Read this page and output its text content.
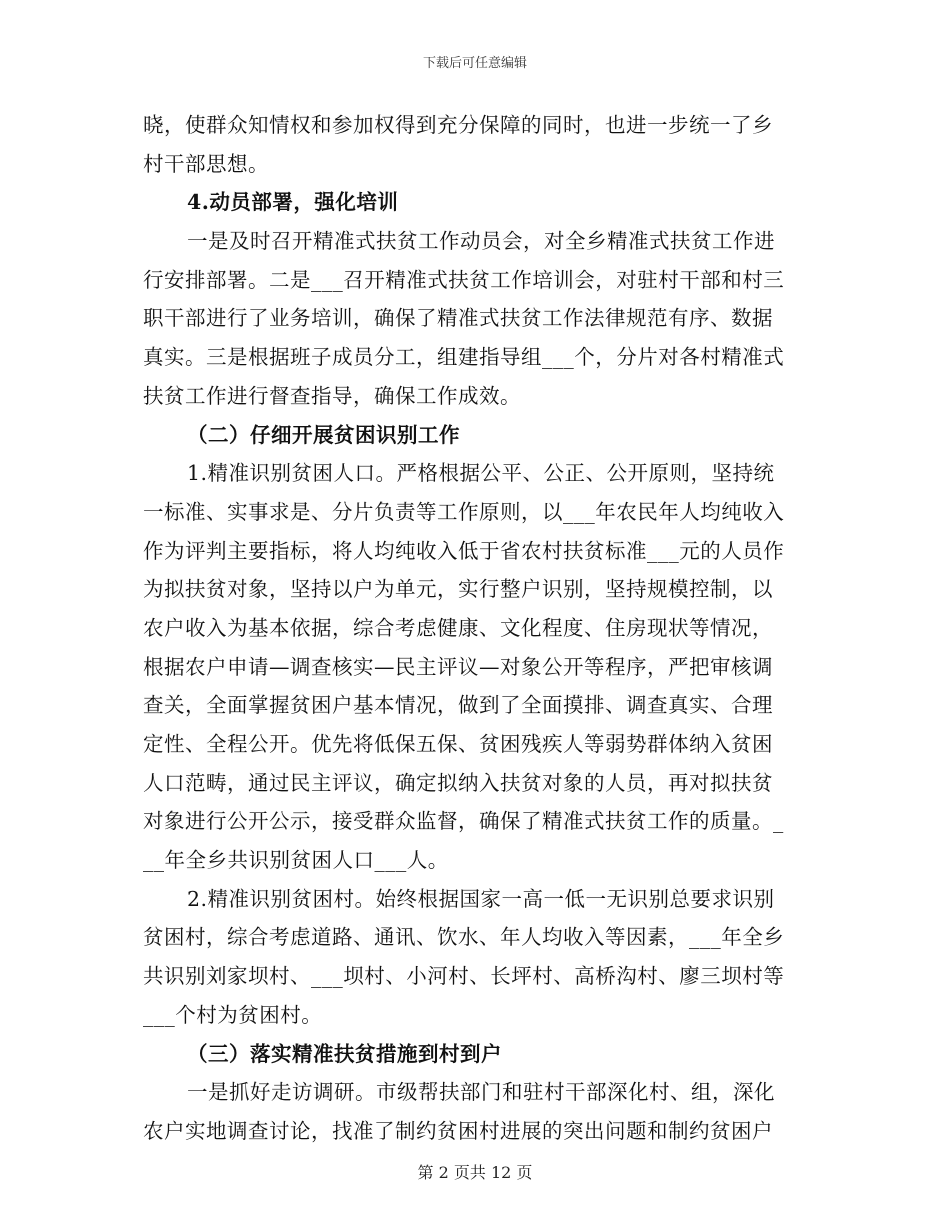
下载后可任意编辑
晓，使群众知情权和参加权得到充分保障的同时，也进一步统一了乡
村干部思想。
4.动员部署，强化培训
一是及时召开精准式扶贫工作动员会，对全乡精准式扶贫工作进
行安排部署。二是___召开精准式扶贫工作培训会，对驻村干部和村三
职干部进行了业务培训，确保了精准式扶贫工作法律规范有序、数据
真实。三是根据班子成员分工，组建指导组___个，分片对各村精准式
扶贫工作进行督查指导，确保工作成效。
（二）仔细开展贫困识别工作
1.精准识别贫困人口。严格根据公平、公正、公开原则，坚持统
一标准、实事求是、分片负责等工作原则，以___年农民年人均纯收入
作为评判主要指标，将人均纯收入低于省农村扶贫标准___元的人员作
为拟扶贫对象，坚持以户为单元，实行整户识别，坚持规模控制，以
农户收入为基本依据，综合考虑健康、文化程度、住房现状等情况，
根据农户申请—调查核实—民主评议—对象公开等程序，严把审核调
查关，全面掌握贫困户基本情况，做到了全面摸排、调查真实、合理
定性、全程公开。优先将低保五保、贫困残疾人等弱势群体纳入贫困
人口范畴，通过民主评议，确定拟纳入扶贫对象的人员，再对拟扶贫
对象进行公开公示，接受群众监督，确保了精准式扶贫工作的质量。_
__年全乡共识别贫困人口___人。
2.精准识别贫困村。始终根据国家一高一低一无识别总要求识别
贫困村，综合考虑道路、通讯、饮水、年人均收入等因素，___年全乡
共识别刘家坝村、___坝村、小河村、长坪村、高桥沟村、廖三坝村等
___个村为贫困村。
（三）落实精准扶贫措施到村到户
一是抓好走访调研。市级帮扶部门和驻村干部深化村、组，深化
农户实地调查讨论，找准了制约贫困村进展的突出问题和制约贫困户
第 2 页共 12 页
